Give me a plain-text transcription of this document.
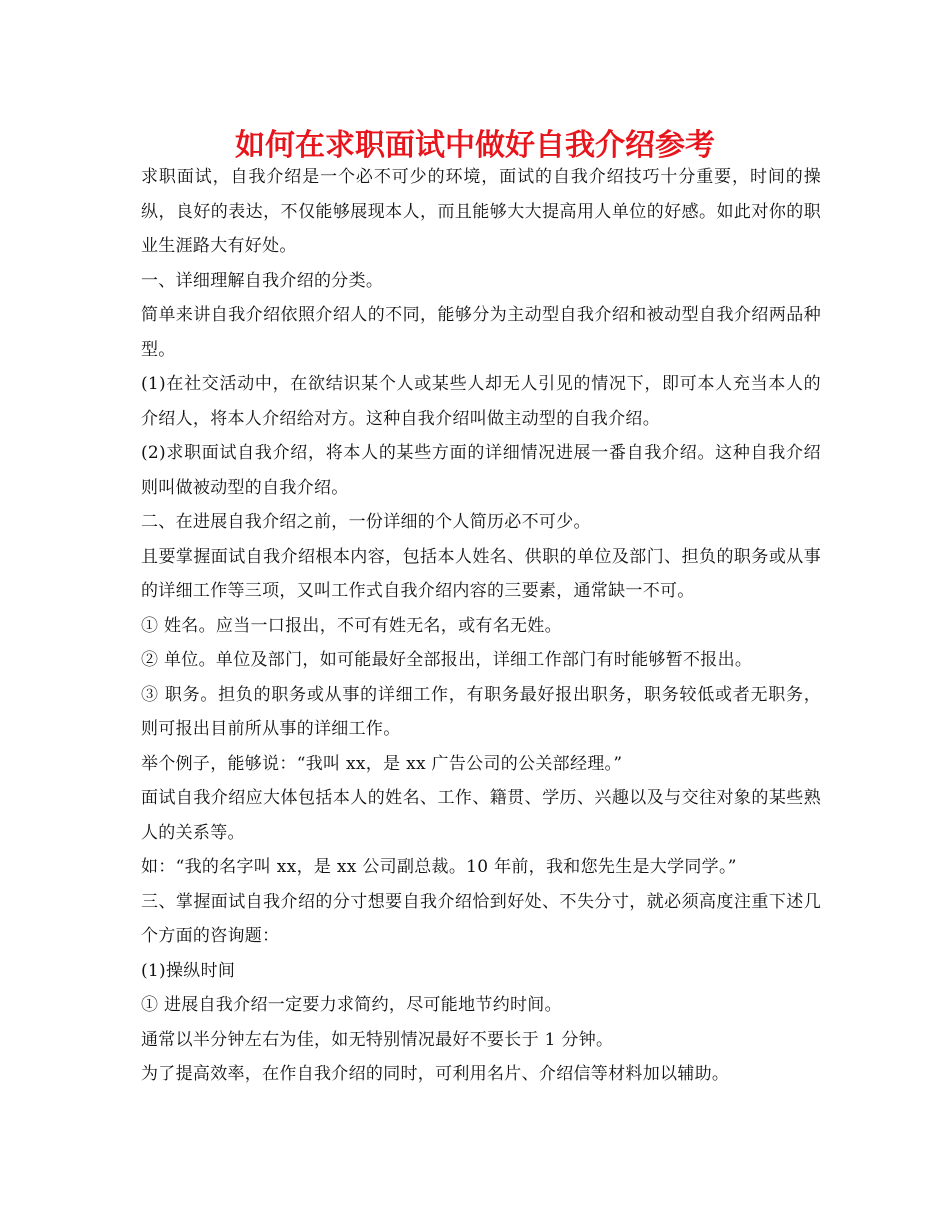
如何在求职面试中做好自我介绍参考

求职面试，自我介绍是一个必不可少的环境，面试的自我介绍技巧十分重要，时间的操纵，良好的表达，不仅能够展现本人，而且能够大大提高用人单位的好感。如此对你的职业生涯路大有好处。

一、详细理解自我介绍的分类。

简单来讲自我介绍依照介绍人的不同，能够分为主动型自我介绍和被动型自我介绍两品种型。

(1)在社交活动中，在欲结识某个人或某些人却无人引见的情况下，即可本人充当本人的介绍人，将本人介绍给对方。这种自我介绍叫做主动型的自我介绍。

(2)求职面试自我介绍，将本人的某些方面的详细情况进展一番自我介绍。这种自我介绍则叫做被动型的自我介绍。

二、在进展自我介绍之前，一份详细的个人简历必不可少。

且要掌握面试自我介绍根本内容，包括本人姓名、供职的单位及部门、担负的职务或从事的详细工作等三项，又叫工作式自我介绍内容的三要素，通常缺一不可。

① 姓名。应当一口报出，不可有姓无名，或有名无姓。

② 单位。单位及部门，如可能最好全部报出，详细工作部门有时能够暂不报出。

③ 职务。担负的职务或从事的详细工作，有职务最好报出职务，职务较低或者无职务，则可报出目前所从事的详细工作。

举个例子，能够说：“我叫 xx，是 xx 广告公司的公关部经理。”

面试自我介绍应大体包括本人的姓名、工作、籍贯、学历、兴趣以及与交往对象的某些熟人的关系等。

如：“我的名字叫 xx，是 xx 公司副总裁。10 年前，我和您先生是大学同学。”

三、掌握面试自我介绍的分寸想要自我介绍恰到好处、不失分寸，就必须高度注重下述几个方面的咨询题：

(1)操纵时间

① 进展自我介绍一定要力求简约，尽可能地节约时间。

通常以半分钟左右为佳，如无特别情况最好不要长于 1 分钟。

为了提高效率，在作自我介绍的同时，可利用名片、介绍信等材料加以辅助。
